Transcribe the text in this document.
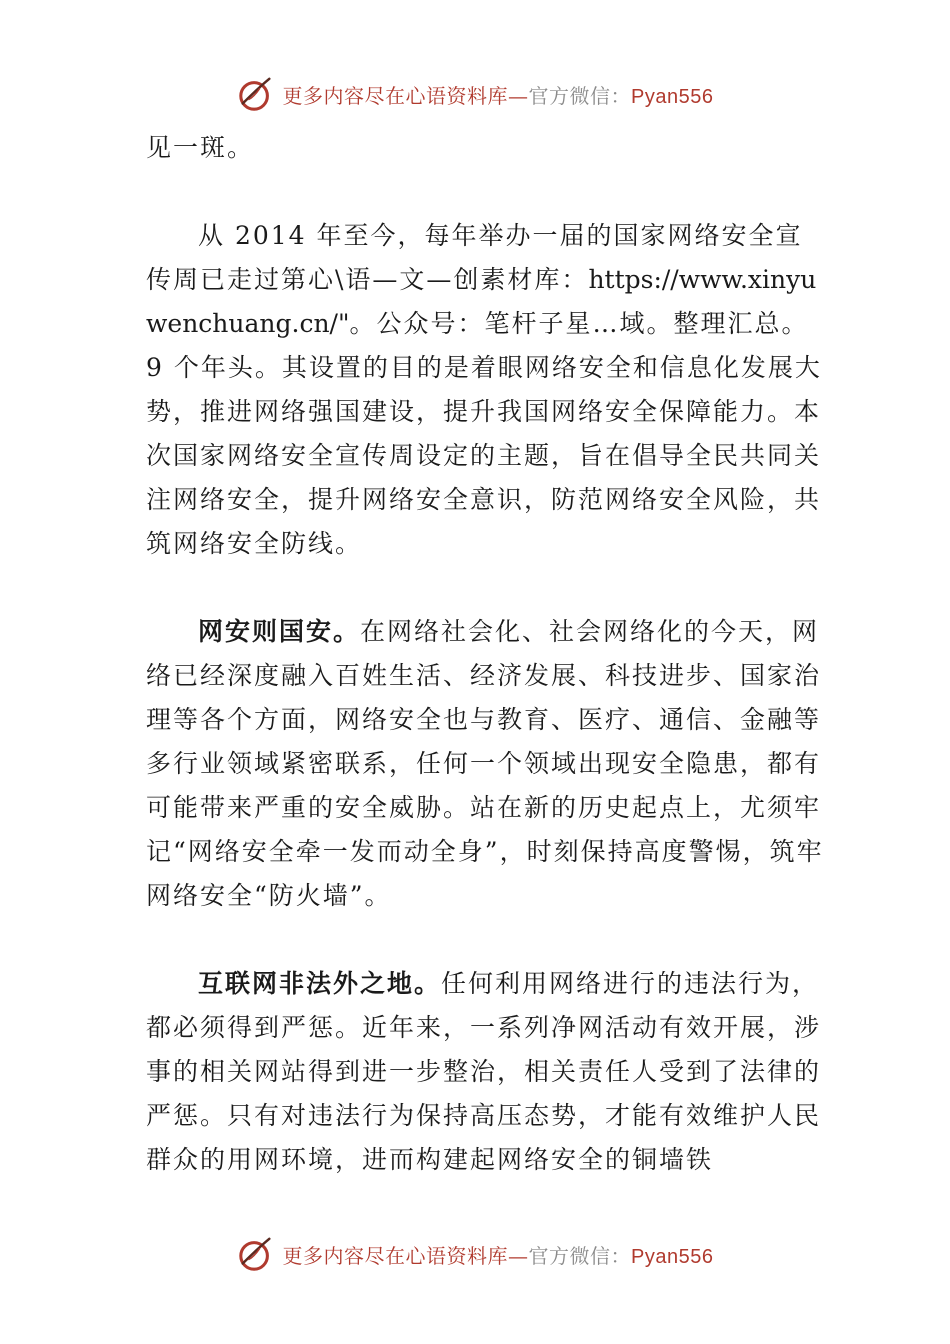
更多内容尽在心语资料库—官方微信：Pyan556

见一斑。

从 2014 年至今，每年举办一届的国家网络安全宣传周已走过第心\语—文—创素材库：https://www.xinyuwenchuang.cn/"。公众号：笔杆子星…域。整理汇总。 9 个年头。其设置的目的是着眼网络安全和信息化发展大势，推进网络强国建设，提升我国网络安全保障能力。本次国家网络安全宣传周设定的主题，旨在倡导全民共同关注网络安全，提升网络安全意识，防范网络安全风险，共筑网络安全防线。

网安则国安。在网络社会化、社会网络化的今天，网络已经深度融入百姓生活、经济发展、科技进步、国家治理等各个方面，网络安全也与教育、医疗、通信、金融等多行业领域紧密联系，任何一个领域出现安全隐患，都有可能带来严重的安全威胁。站在新的历史起点上，尤须牢记“网络安全牵一发而动全身”，时刻保持高度警惕，筑牢网络安全“防火墙”。

互联网非法外之地。任何利用网络进行的违法行为，都必须得到严惩。近年来，一系列净网活动有效开展，涉事的相关网站得到进一步整治，相关责任人受到了法律的严惩。只有对违法行为保持高压态势，才能有效维护人民群众的用网环境，进而构建起网络安全的铜墙铁

更多内容尽在心语资料库—官方微信：Pyan556
